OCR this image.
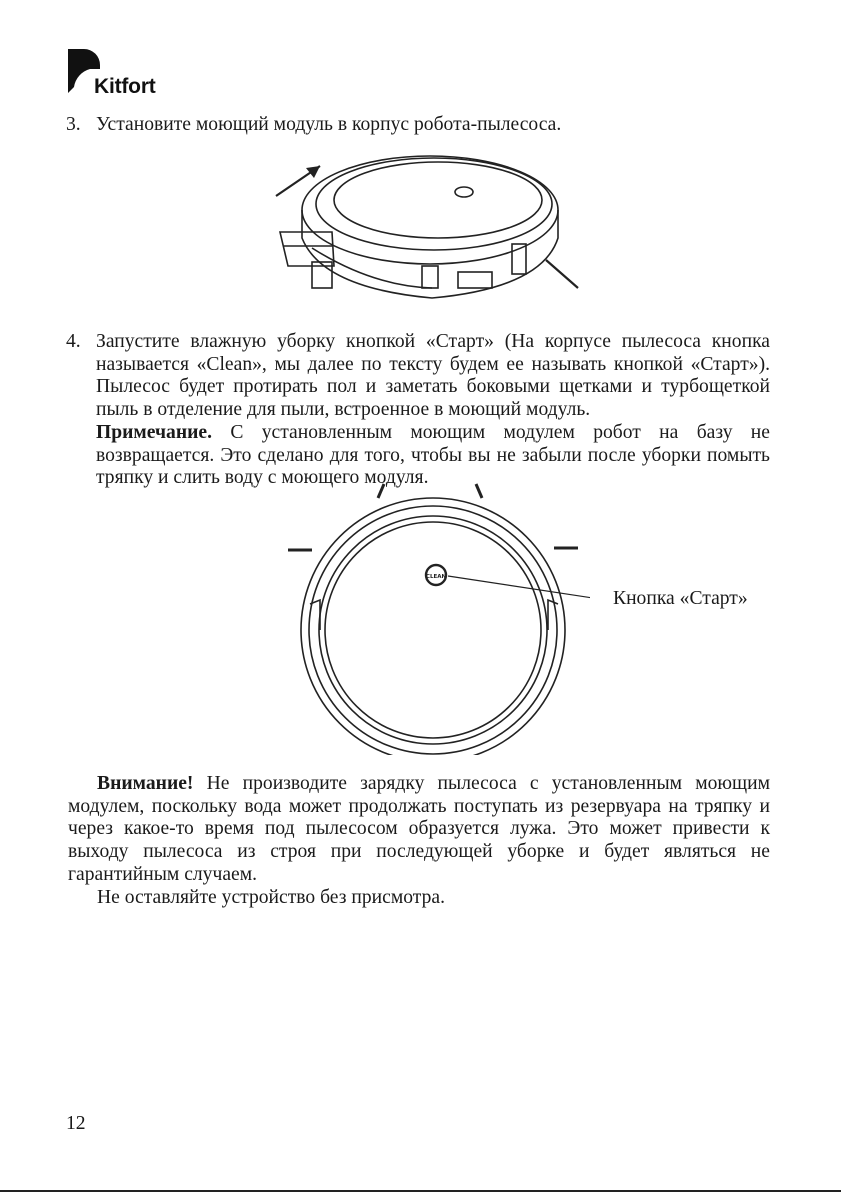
Kitfort
3. Установите моющий модуль в корпус робота-пылесоса.
4. Запустите влажную уборку кнопкой «Старт» (На корпусе пылесоса кнопка называется «Clean», мы далее по тексту будем ее называть кнопкой «Старт»). Пылесос будет протирать пол и заметать боковыми щетками и турбощеткой пыль в отделение для пыли, встроенное в моющий модуль.
Примечание. С установленным моющим модулем робот на базу не возвращается. Это сделано для того, чтобы вы не забыли после уборки помыть тряпку и слить воду с моющего модуля.
CLEAN
Кнопка «Старт»
Внимание! Не производите зарядку пылесоса с установленным моющим модулем, поскольку вода может продолжать поступать из резервуара на тряпку и через какое-то время под пылесосом образуется лужа. Это может привести к выходу пылесоса из строя при последующей уборке и будет являться не гарантийным случаем.
Не оставляйте устройство без присмотра.
12
